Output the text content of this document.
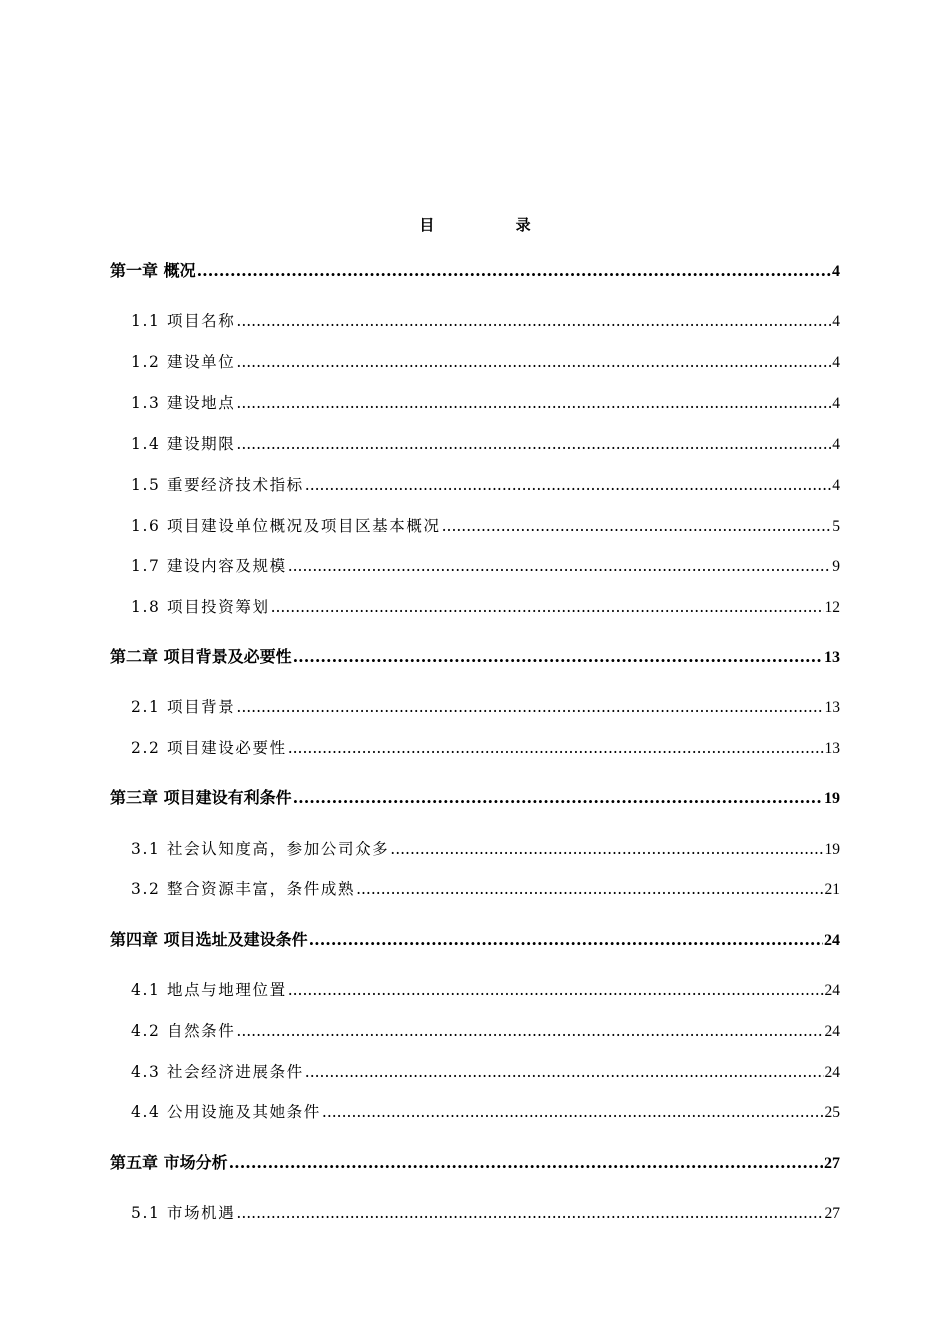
目 录
第一章 概况 .....	4
1.1 项目名称 .....	4
1.2 建设单位 .....	4
1.3 建设地点 .....	4
1.4 建设期限 .....	4
1.5 重要经济技术指标 .....	4
1.6 项目建设单位概况及项目区基本概况 .....	5
1.7 建设内容及规模 .....	9
1.8 项目投资筹划 .....	12
第二章 项目背景及必要性 .....	13
2.1 项目背景 .....	13
2.2 项目建设必要性 .....	13
第三章 项目建设有利条件 .....	19
3.1 社会认知度高，参加公司众多 .....	19
3.2 整合资源丰富，条件成熟 .....	21
第四章 项目选址及建设条件 .....	24
4.1 地点与地理位置 .....	24
4.2 自然条件 .....	24
4.3 社会经济进展条件 .....	24
4.4 公用设施及其她条件 .....	25
第五章 市场分析 .....	27
5.1 市场机遇 .....	27
